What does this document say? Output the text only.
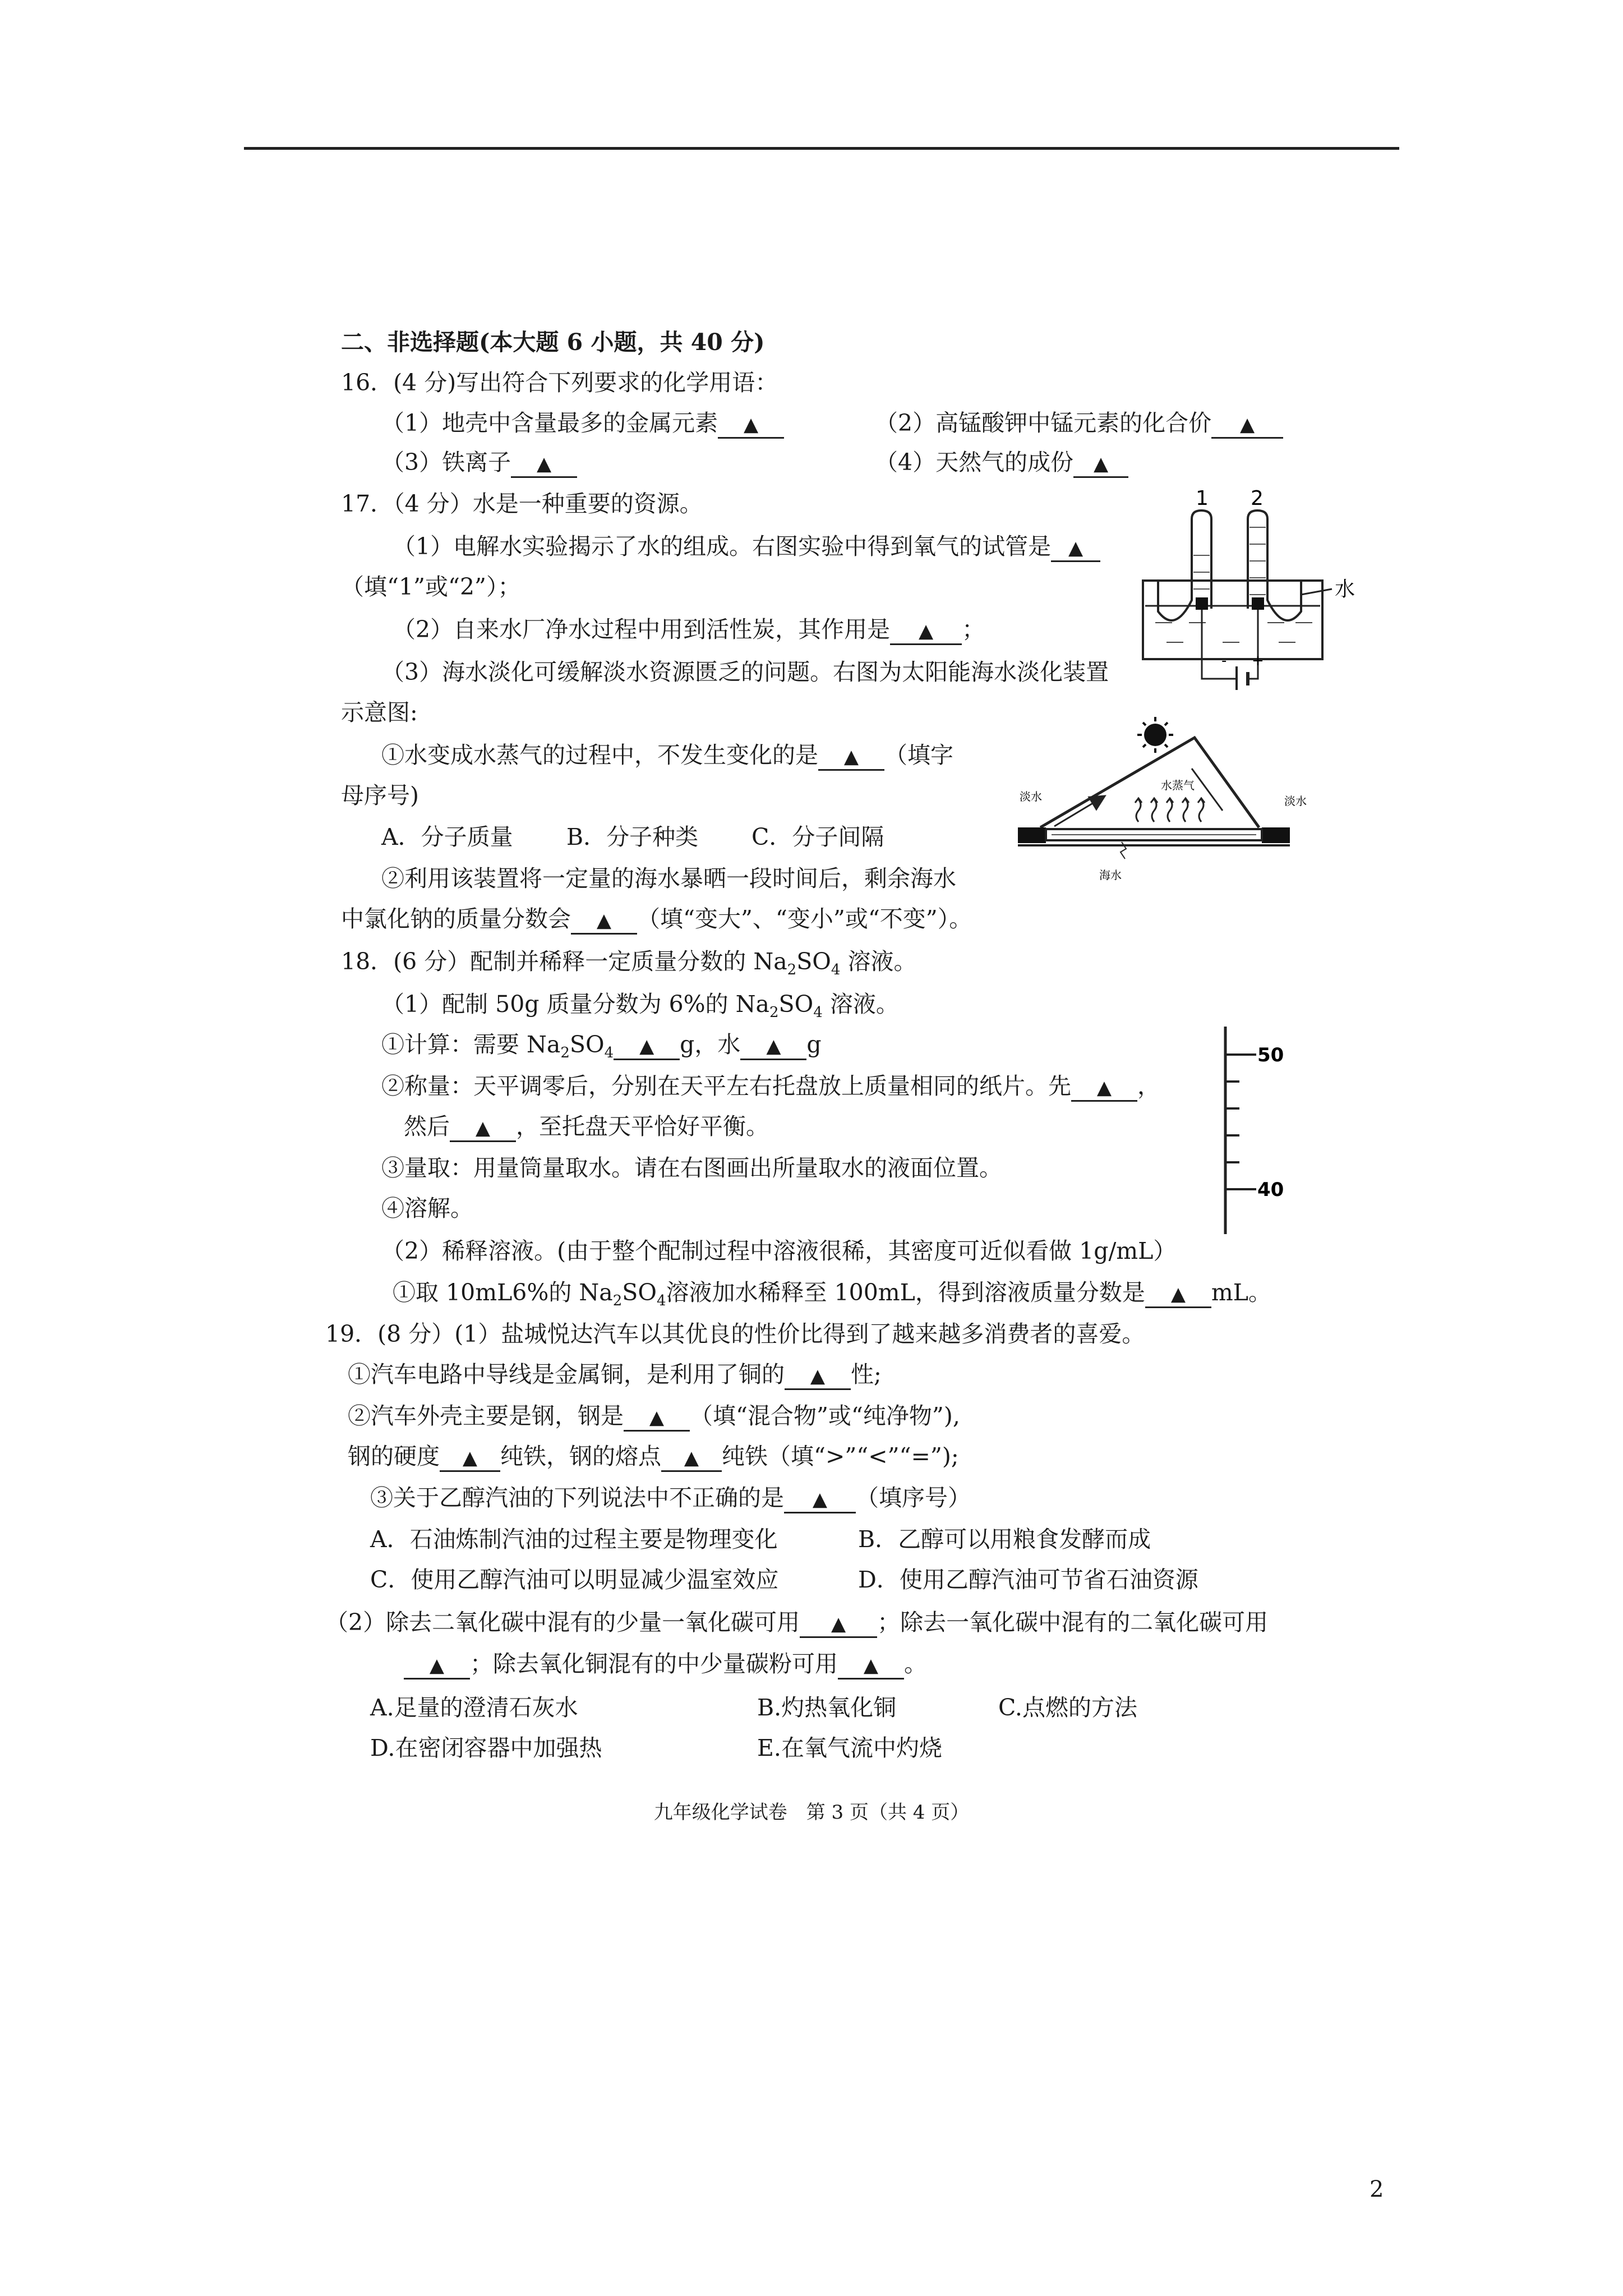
二、非选择题(本大题 6 小题，共 40 分)
16．(4 分)写出符合下列要求的化学用语：
（1）地壳中含量最多的金属元素 ▲	（2）高锰酸钾中锰元素的化合价 ▲
（3）铁离子 ▲	（4）天然气的成份 ▲
17．（4 分）水是一种重要的资源。
（1）电解水实验揭示了水的组成。右图实验中得到氧气的试管是 ▲
（填“1”或“2”）；
（2）自来水厂净水过程中用到活性炭，其作用是 ▲ ；
（3）海水淡化可缓解淡水资源匮乏的问题。右图为太阳能海水淡化装置
示意图:
①水变成水蒸气的过程中，不发生变化的是 ▲ （填字
母序号)
A．分子质量 B．分子种类 C．分子间隔
②利用该装置将一定量的海水暴晒一段时间后，剩余海水
中氯化钠的质量分数会 ▲ （填“变大”、“变小”或“不变”）。
1 2
水
- +
淡水
水蒸气
淡水
海水
18．(6 分）配制并稀释一定质量分数的 $Na_2SO_4$ 溶液。
（1）配制 50g 质量分数为 6%的 $Na_2SO_4$ 溶液。
①计算：需要 $Na_2SO_4$ ▲ g，水 ▲ g
②称量：天平调零后，分别在天平左右托盘放上质量相同的纸片。先 ▲ ，
然后 ▲ ，至托盘天平恰好平衡。
③量取：用量筒量取水。请在右图画出所量取水的液面位置。
④溶解。
（2）稀释溶液。(由于整个配制过程中溶液很稀，其密度可近似看做 1g/mL）
①取 10mL6%的 $Na_2SO_4$溶液加水稀释至 100mL，得到溶液质量分数是 ▲ mL。
50
40
19．(8 分）(1）盐城悦达汽车以其优良的性价比得到了越来越多消费者的喜爱。
①汽车电路中导线是金属铜，是利用了铜的 ▲ 性;
②汽车外壳主要是钢，钢是 ▲ （填“混合物”或“纯净物”),
钢的硬度 ▲ 纯铁，钢的熔点 ▲ 纯铁（填“>”“<”“=”);
③关于乙醇汽油的下列说法中不正确的是 ▲ （填序号）
A．石油炼制汽油的过程主要是物理变化	B．乙醇可以用粮食发酵而成
C．使用乙醇汽油可以明显减少温室效应	D．使用乙醇汽油可节省石油资源
（2）除去二氧化碳中混有的少量一氧化碳可用 ▲ ；除去一氧化碳中混有的二氧化碳可用
▲ ；除去氧化铜混有的中少量碳粉可用 ▲ 。
A.足量的澄清石灰水	B.灼热氧化铜	C.点燃的方法
D.在密闭容器中加强热	E.在氧气流中灼烧
九年级化学试卷　第 3 页（共 4 页）
2
